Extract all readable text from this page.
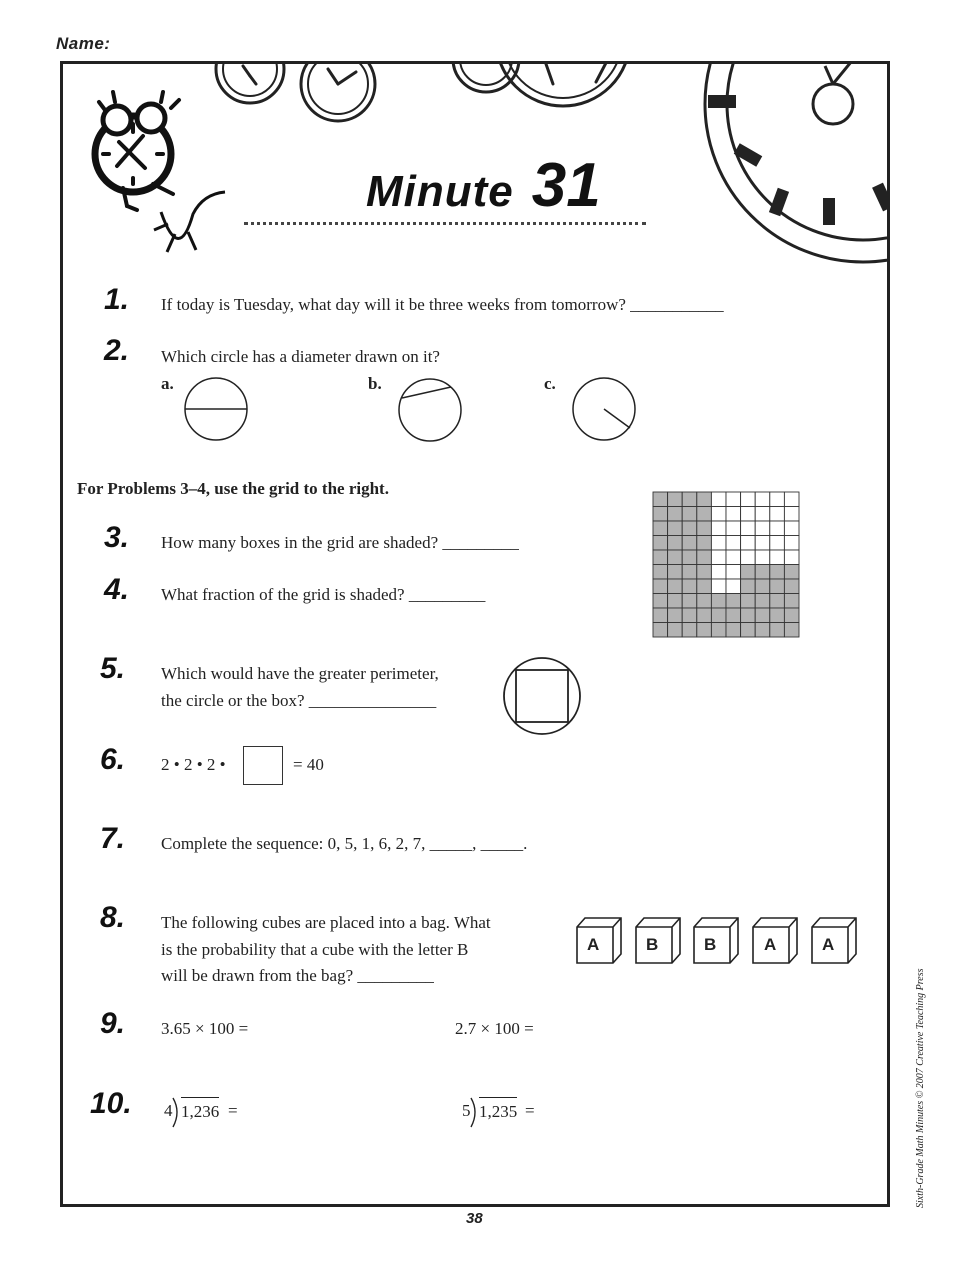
Name:
Minute 31
1. If today is Tuesday, what day will it be three weeks from tomorrow? ___________
2. Which circle has a diameter drawn on it?
a.	b.	c.
For Problems 3–4, use the grid to the right.
3. How many boxes in the grid are shaded? _________
4. What fraction of the grid is shaded? _________
5. Which would have the greater perimeter,
the circle or the box? _______________
6. 2 • 2 • 2 •	= 40
7. Complete the sequence: 0, 5, 1, 6, 2, 7, _____, _____.
8. The following cubes are placed into a bag. What
is the probability that a cube with the letter B
will be drawn from the bag? _________
A	B	B	A	A
9. 3.65 × 100 =	2.7 × 100 =
10. 4 1,236 =	5 1,235 =
38
Sixth-Grade Math Minutes © 2007 Creative Teaching Press
